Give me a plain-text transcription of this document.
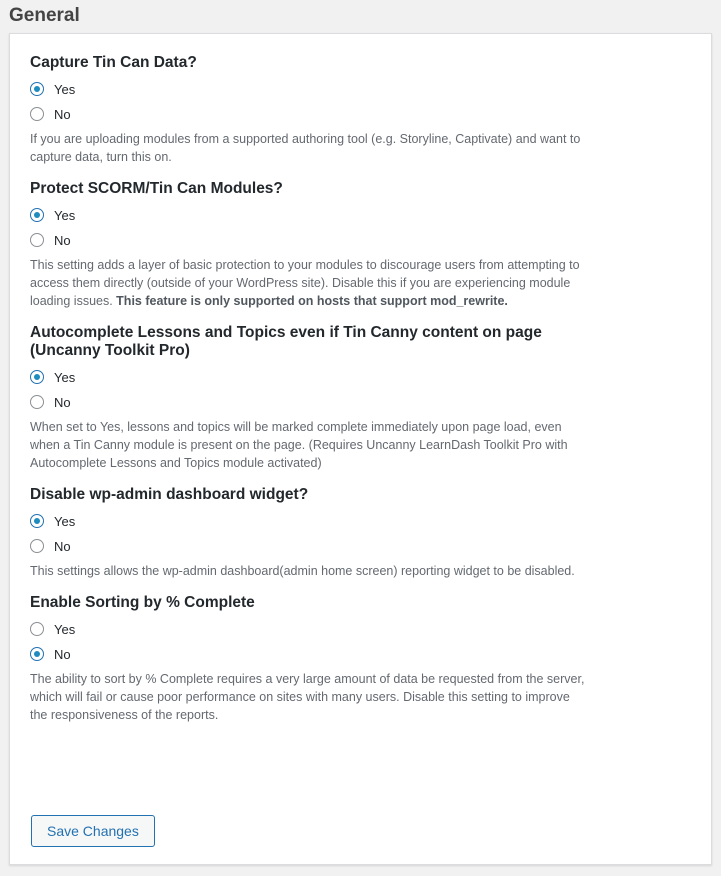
General
Capture Tin Can Data?
Yes
No

If you are uploading modules from a supported authoring tool (e.g. Storyline, Captivate) and want to capture data, turn this on.

Protect SCORM/Tin Can Modules?
Yes
No

This setting adds a layer of basic protection to your modules to discourage users from attempting to access them directly (outside of your WordPress site). Disable this if you are experiencing module loading issues. This feature is only supported on hosts that support mod_rewrite.

Autocomplete Lessons and Topics even if Tin Canny content on page (Uncanny Toolkit Pro)
Yes
No

When set to Yes, lessons and topics will be marked complete immediately upon page load, even when a Tin Canny module is present on the page. (Requires Uncanny LearnDash Toolkit Pro with Autocomplete Lessons and Topics module activated)

Disable wp-admin dashboard widget?
Yes
No

This settings allows the wp-admin dashboard(admin home screen) reporting widget to be disabled.

Enable Sorting by % Complete
Yes
No

The ability to sort by % Complete requires a very large amount of data be requested from the server, which will fail or cause poor performance on sites with many users. Disable this setting to improve the responsiveness of the reports.

Save Changes
